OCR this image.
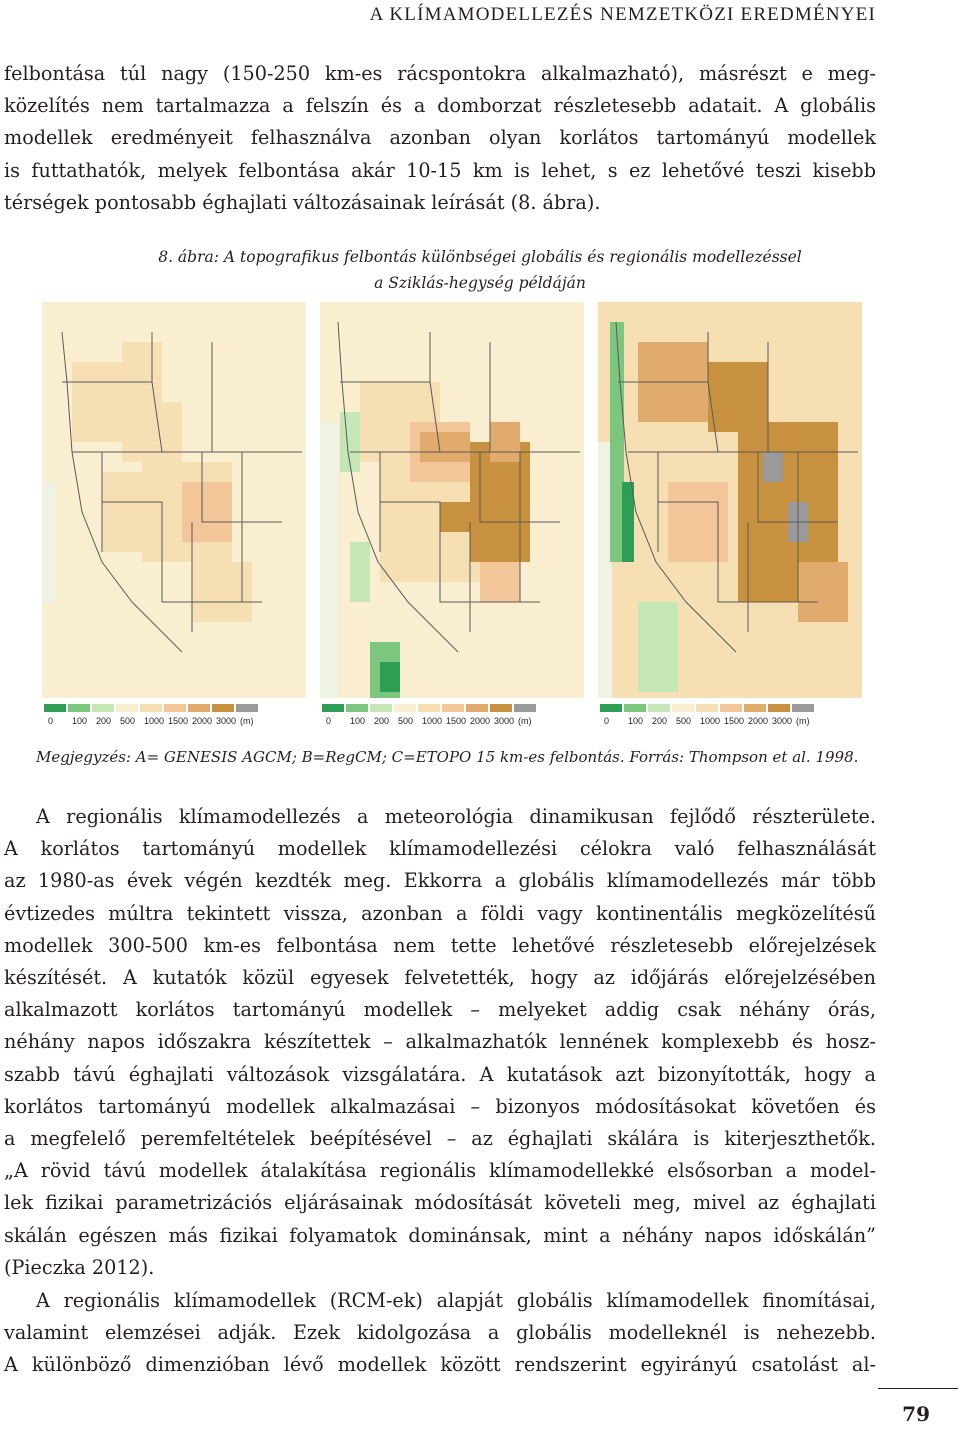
A KLÍMAMODELLEZÉS NEMZETKÖZI EREDMÉNYEI
felbontása túl nagy (150-250 km-es rácspontokra alkalmazható), másrészt e meg-
közelítés nem tartalmazza a felszín és a domborzat részletesebb adatait. A globális
modellek eredményeit felhasználva azonban olyan korlátos tartományú modellek
is futtathatók, melyek felbontása akár 10-15 km is lehet, s ez lehetővé teszi kisebb
térségek pontosabb éghajlati változásainak leírását (8. ábra).
8. ábra: A topografikus felbontás különbségei globális és regionális modellezéssel
a Sziklás-hegység példáján
0 100 200 500 1000 1500 2000 3000 (m)	0 100 200 500 1000 1500 2000 3000 (m)	0 100 200 500 1000 1500 2000 3000 (m)
Megjegyzés: A= GENESIS AGCM; B=RegCM; C=ETOPO 15 km-es felbontás. Forrás: Thompson et al. 1998.
A regionális klímamodellezés a meteorológia dinamikusan fejlődő részterülete.
A korlátos tartományú modellek klímamodellezési célokra való felhasználását
az 1980-as évek végén kezdték meg. Ekkorra a globális klímamodellezés már több
évtizedes múltra tekintett vissza, azonban a földi vagy kontinentális megközelítésű
modellek 300-500 km-es felbontása nem tette lehetővé részletesebb előrejelzések
készítését. A kutatók közül egyesek felvetették, hogy az időjárás előrejelzésében
alkalmazott korlátos tartományú modellek – melyeket addig csak néhány órás,
néhány napos időszakra készítettek – alkalmazhatók lennének komplexebb és hosz-
szabb távú éghajlati változások vizsgálatára. A kutatások azt bizonyították, hogy a
korlátos tartományú modellek alkalmazásai – bizonyos módosításokat követően és
a megfelelő peremfeltételek beépítésével – az éghajlati skálára is kiterjeszthetők.
„A rövid távú modellek átalakítása regionális klímamodellekké elsősorban a model-
lek fizikai parametrizációs eljárásainak módosítását követeli meg, mivel az éghajlati
skálán egészen más fizikai folyamatok dominánsak, mint a néhány napos időskálán”
(Pieczka 2012).
A regionális klímamodellek (RCM-ek) alapját globális klímamodellek finomításai,
valamint elemzései adják. Ezek kidolgozása a globális modelleknél is nehezebb.
A különböző dimenzióban lévő modellek között rendszerint egyirányú csatolást al-
79
